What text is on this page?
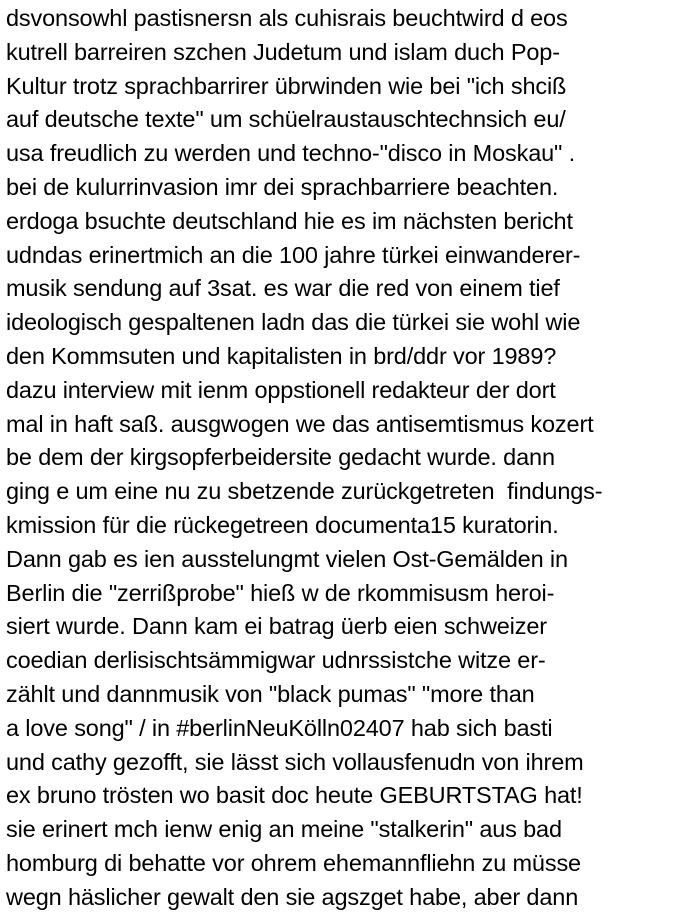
dsvonsowhl pastisnersn als cuhisrais beuchtwird d eos
kutrell barreiren szchen Judetum und islam duch Pop-
Kultur trotz sprachbarrirer übrwinden wie bei "ich shciß
auf deutsche texte" um schüelraustauschtechnsich eu/
usa freudlich zu werden und techno-"disco in Moskau" .
bei de kulurrinvasion imr dei sprachbarriere beachten.
erdoga bsuchte deutschland hie es im nächsten bericht
udndas erinertmich an die 100 jahre türkei einwanderer-
musik sendung auf 3sat. es war die red von einem tief
ideologisch gespaltenen ladn das die türkei sie wohl wie
den Kommsuten und kapitalisten in brd/ddr vor 1989?
dazu interview mit ienm oppstionell redakteur der dort
mal in haft saß. ausgwogen we das antisemtismus kozert
be dem der kirgsopferbeidersite gedacht wurde. dann
ging e um eine nu zu sbetzende zurückgetreten  findungs-
kmission für die rückegetreen documenta15 kuratorin.
Dann gab es ien ausstelungmt vielen Ost-Gemälden in
Berlin die "zerrißprobe" hieß w de rkommisusm heroi-
siert wurde. Dann kam ei batrag üerb eien schweizer
coedian derlisischtsämmigwar udnrssistche witze er-
zählt und dannmusik von "black pumas" "more than
a love song" / in #berlinNeuKölln02407 hab sich basti
und cathy gezofft, sie lässt sich vollausfenudn von ihrem
ex bruno trösten wo basit doc heute GEBURTSTAG hat!
sie erinert mch ienw enig an meine "stalkerin" aus bad
homburg di behatte vor ohrem ehemannfliehn zu müsse
wegn häslicher gewalt den sie agszget habe, aber dann
